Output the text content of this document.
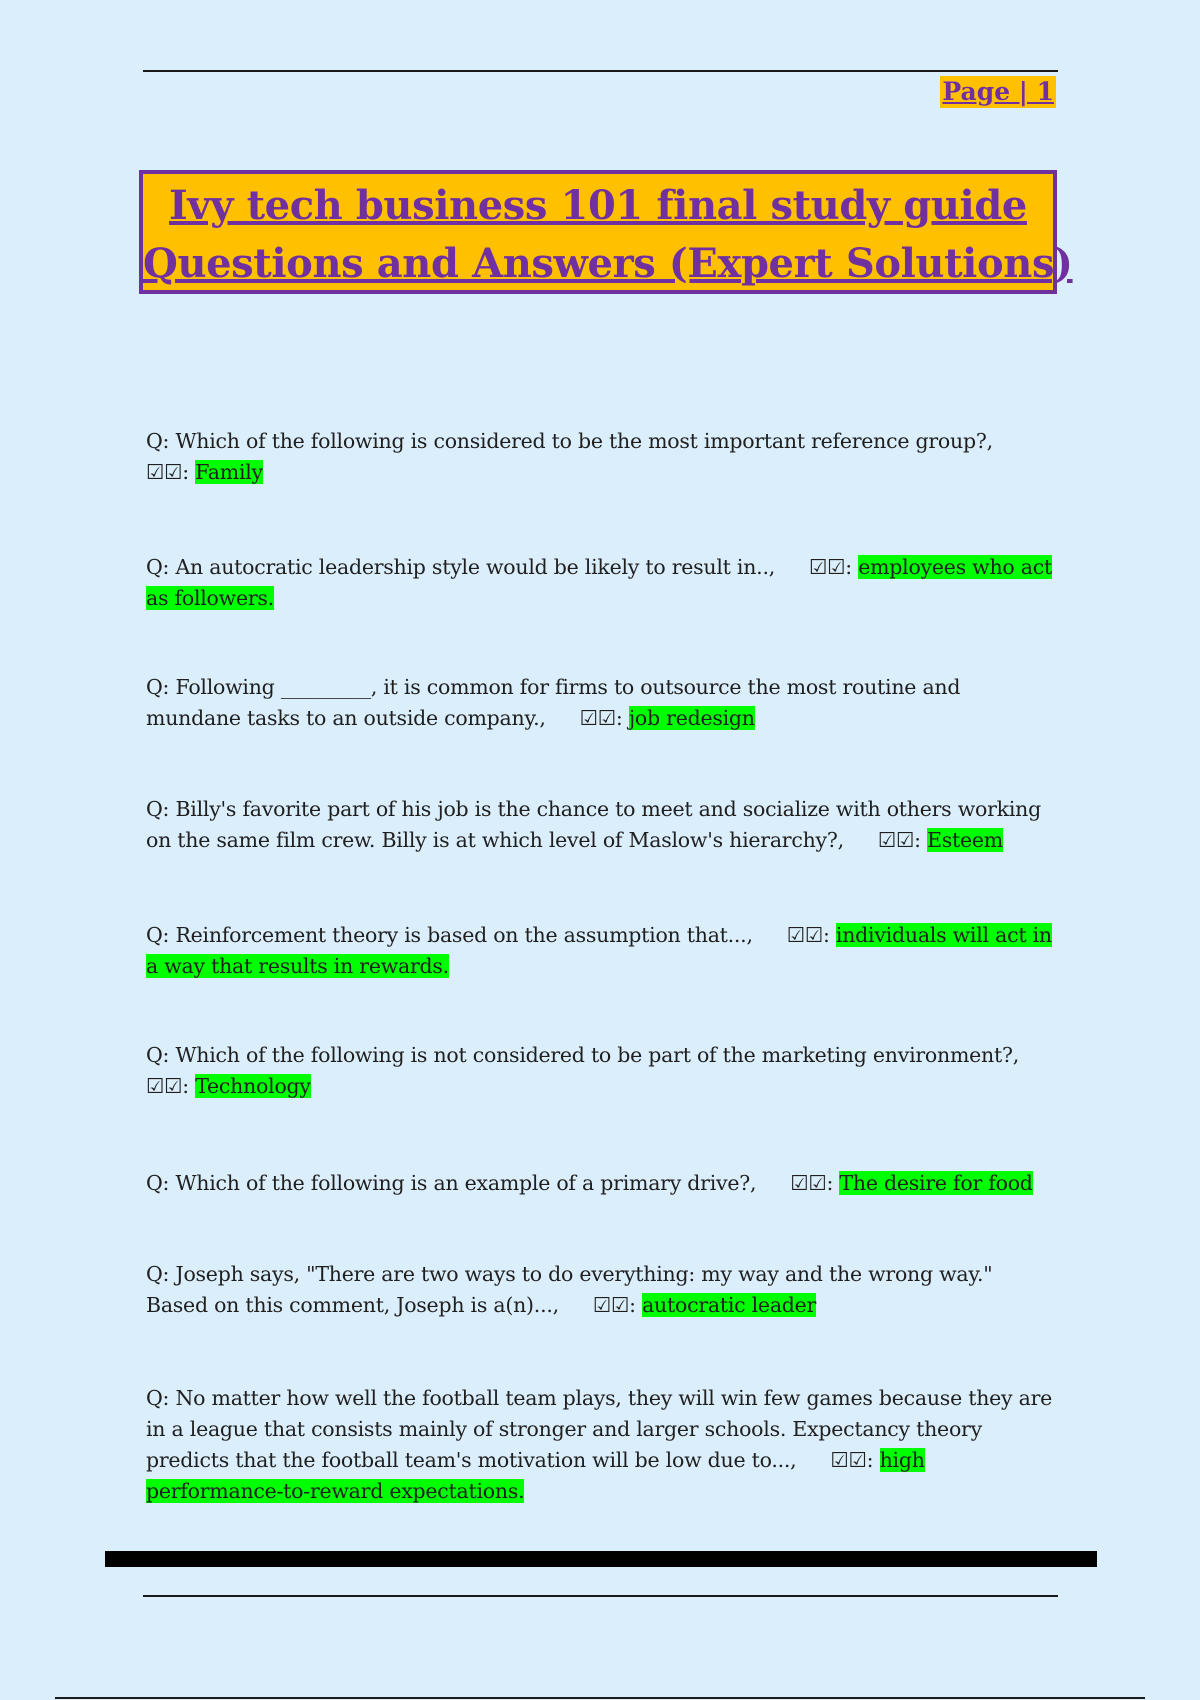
Page | 1
Ivy tech business 101 final study guide
Questions and Answers (Expert Solutions)
Q: Which of the following is considered to be the most important reference group?,
☑☑: Family
Q: An autocratic leadership style would be likely to result in.., ☑☑: employees who act as followers.
Q: Following _________, it is common for firms to outsource the most routine and mundane tasks to an outside company., ☑☑: job redesign
Q: Billy's favorite part of his job is the chance to meet and socialize with others working on the same film crew. Billy is at which level of Maslow's hierarchy?, ☑☑: Esteem
Q: Reinforcement theory is based on the assumption that..., ☑☑: individuals will act in a way that results in rewards.
Q: Which of the following is not considered to be part of the marketing environment?,
☑☑: Technology
Q: Which of the following is an example of a primary drive?, ☑☑: The desire for food
Q: Joseph says, "There are two ways to do everything: my way and the wrong way." Based on this comment, Joseph is a(n)..., ☑☑: autocratic leader
Q: No matter how well the football team plays, they will win few games because they are in a league that consists mainly of stronger and larger schools. Expectancy theory predicts that the football team's motivation will be low due to..., ☑☑: high performance-to-reward expectations.
